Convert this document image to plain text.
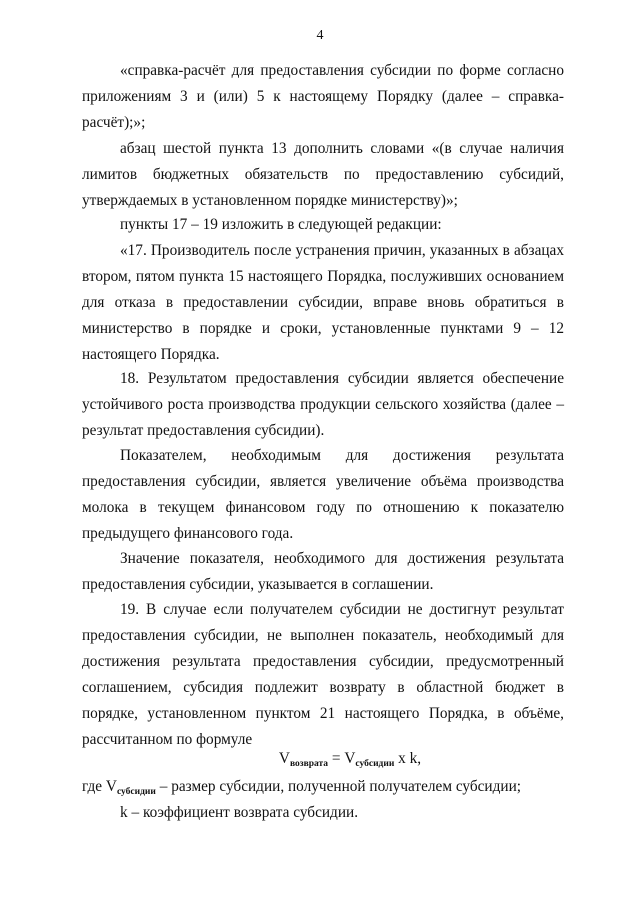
4

«справка-расчёт для предоставления субсидии по форме согласно приложениям 3 и (или) 5 к настоящему Порядку (далее – справка-расчёт);»;

абзац шестой пункта 13 дополнить словами «(в случае наличия лимитов бюджетных обязательств по предоставлению субсидий, утверждаемых в установленном порядке министерству)»;

пункты 17 – 19 изложить в следующей редакции:

«17. Производитель после устранения причин, указанных в абзацах втором, пятом пункта 15 настоящего Порядка, послуживших основанием для отказа в предоставлении субсидии, вправе вновь обратиться в министерство в порядке и сроки, установленные пунктами 9 – 12 настоящего Порядка.

18. Результатом предоставления субсидии является обеспечение устойчивого роста производства продукции сельского хозяйства (далее – результат предоставления субсидии).

Показателем, необходимым для достижения результата предоставления субсидии, является увеличение объёма производства молока в текущем финансовом году по отношению к показателю предыдущего финансового года.

Значение показателя, необходимого для достижения результата предоставления субсидии, указывается в соглашении.

19. В случае если получателем субсидии не достигнут результат предоставления субсидии, не выполнен показатель, необходимый для достижения результата предоставления субсидии, предусмотренный соглашением, субсидия подлежит возврату в областной бюджет в порядке, установленном пунктом 21 настоящего Порядка, в объёме, рассчитанном по формуле

$V_{возврата} = V_{субсидии}$ x k,
где $V_{субсидии}$ – размер субсидии, полученной получателем субсидии;
k – коэффициент возврата субсидии.
